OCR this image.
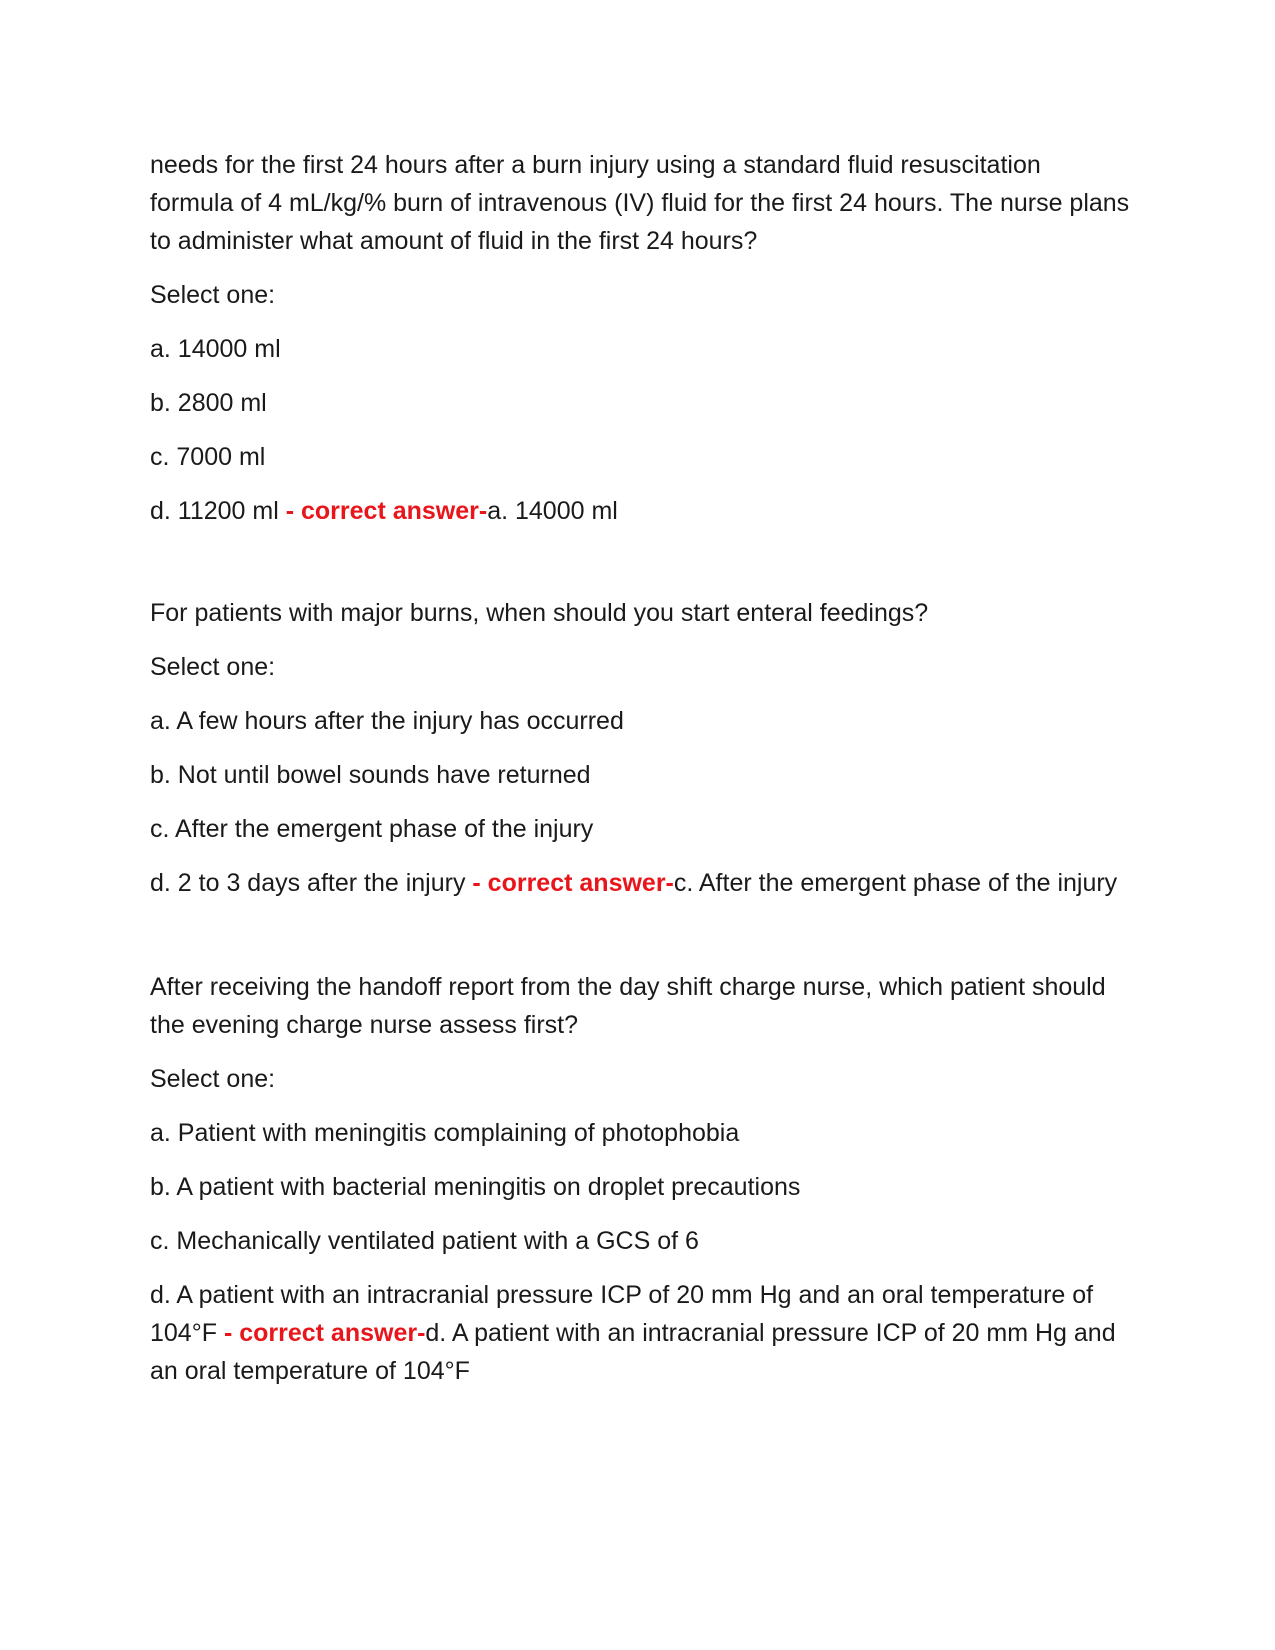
needs for the first 24 hours after a burn injury using a standard fluid resuscitation formula of 4 mL/kg/% burn of intravenous (IV) fluid for the first 24 hours. The nurse plans to administer what amount of fluid in the first 24 hours?

Select one:

a. 14000 ml

b. 2800 ml

c. 7000 ml

d. 11200 ml - correct answer-a. 14000 ml

For patients with major burns, when should you start enteral feedings?

Select one:

a. A few hours after the injury has occurred

b. Not until bowel sounds have returned

c. After the emergent phase of the injury

d. 2 to 3 days after the injury - correct answer-c. After the emergent phase of the injury

After receiving the handoff report from the day shift charge nurse, which patient should the evening charge nurse assess first?

Select one:

a. Patient with meningitis complaining of photophobia

b. A patient with bacterial meningitis on droplet precautions

c. Mechanically ventilated patient with a GCS of 6

d. A patient with an intracranial pressure ICP of 20 mm Hg and an oral temperature of 104°F - correct answer-d. A patient with an intracranial pressure ICP of 20 mm Hg and an oral temperature of 104°F
